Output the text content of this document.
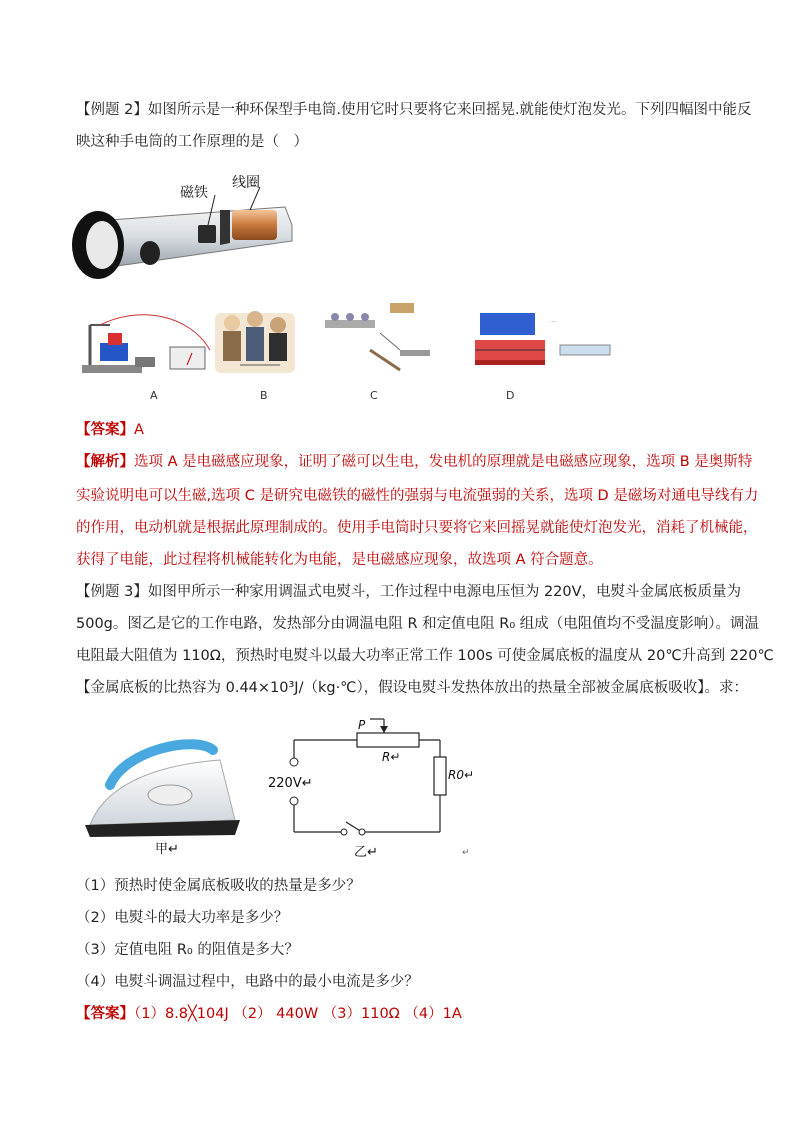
【例题 2】如图所示是一种环保型手电筒.使用它时只要将它来回摇晃.就能使灯泡发光。下列四幅图中能反
映这种手电筒的工作原理的是（　）
磁铁
线圈
····
A	B	C	D
【答案】A
【解析】选项 A 是电磁感应现象，证明了磁可以生电，发电机的原理就是电磁感应现象，选项 B 是奥斯特
实验说明电可以生磁,选项 C 是研究电磁铁的磁性的强弱与电流强弱的关系，选项 D 是磁场对通电导线有力
的作用，电动机就是根据此原理制成的。使用手电筒时只要将它来回摇晃就能使灯泡发光，消耗了机械能，
获得了电能，此过程将机械能转化为电能，是电磁感应现象，故选项 A 符合题意。
【例题 3】如图甲所示一种家用调温式电熨斗，工作过程中电源电压恒为 220V，电熨斗金属底板质量为
500g。图乙是它的工作电路，发热部分由调温电阻 R 和定值电阻 R₀ 组成（电阻值均不受温度影响）。调温
电阻最大阻值为 110Ω，预热时电熨斗以最大功率正常工作 100s 可使金属底板的温度从 20℃升高到 220℃
【金属底板的比热容为 0.44×10³J/（kg·℃），假设电熨斗发热体放出的热量全部被金属底板吸收】。求：
甲↵
P
R↵
R0↵
220V↵
乙↵	↵
（1）预热时使金属底板吸收的热量是多少？
（2）电熨斗的最大功率是多少？
（3）定值电阻 R₀ 的阻值是多大？
（4）电熨斗调温过程中，电路中的最小电流是多少？
【答案】（1）8.8╳104J （2） 440W （3）110Ω （4）1A
